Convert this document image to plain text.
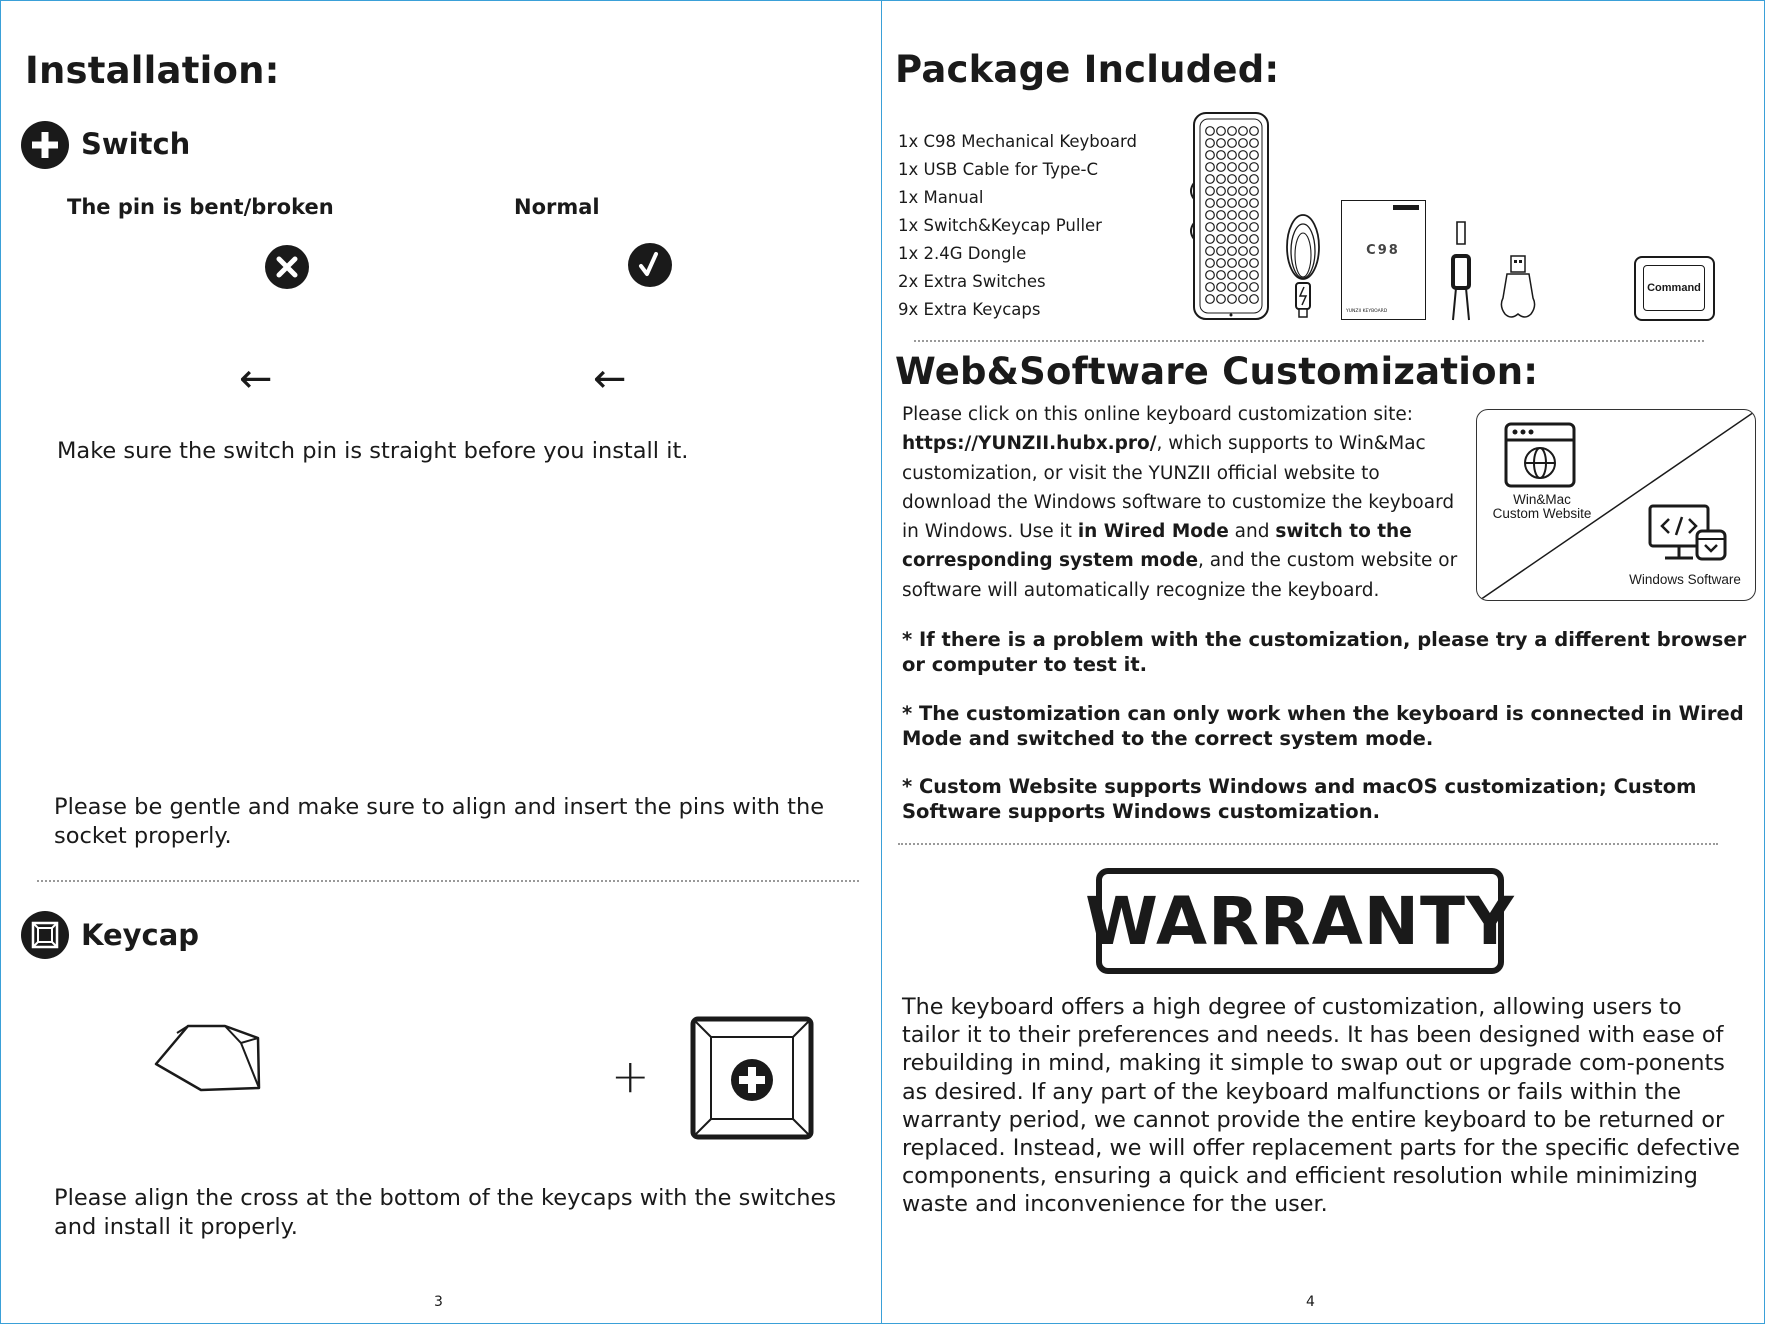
Installation:
Switch
The pin is bent/broken	Normal
←	←
Make sure the switch pin is straight before you install it.
Please be gentle and make sure to align and insert the pins with the socket properly.
Keycap
+
Please align the cross at the bottom of the keycaps with the switches and install it properly.
3
Package Included:
1x C98 Mechanical Keyboard
1x USB Cable for Type-C
1x Manual
1x Switch&Keycap Puller
1x 2.4G Dongle
2x Extra Switches
9x Extra Keycaps
C98
YUNZII KEYBOARD
Command
Web&Software Customization:
Please click on this online keyboard customization site:
https://YUNZII.hubx.pro/, which supports to Win&Mac customization, or visit the YUNZII official website to download the Windows software to customize the keyboard in Windows. Use it in Wired Mode and switch to the corresponding system mode, and the custom website or software will automatically recognize the keyboard.
Win&Mac
Custom Website
Windows Software
* If there is a problem with the customization, please try a different browser or computer to test it.
* The customization can only work when the keyboard is connected in Wired Mode and switched to the correct system mode.
* Custom Website supports Windows and macOS customization; Custom Software supports Windows customization.
WARRANTY
The keyboard offers a high degree of customization, allowing users to tailor it to their preferences and needs. It has been designed with ease of rebuilding in mind, making it simple to swap out or upgrade com-ponents as desired. If any part of the keyboard malfunctions or fails within the warranty period, we cannot provide the entire keyboard to be returned or replaced. Instead, we will offer replacement parts for the specific defective components, ensuring a quick and efficient resolution while minimizing waste and inconvenience for the user.
4
